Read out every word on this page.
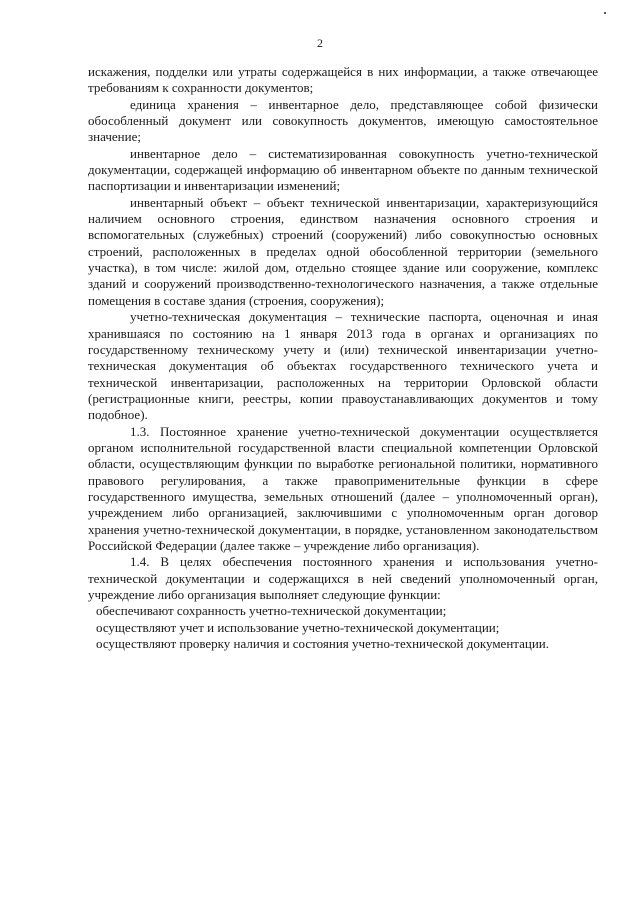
2

искажения, подделки или утраты содержащейся в них информации, а также отвечающее требованиям к сохранности документов;

единица хранения – инвентарное дело, представляющее собой физически обособленный документ или совокупность документов, имеющую самостоятельное значение;

инвентарное дело – систематизированная совокупность учетно-технической документации, содержащей информацию об инвентарном объекте по данным технической паспортизации и инвентаризации изменений;

инвентарный объект – объект технической инвентаризации, характеризующийся наличием основного строения, единством назначения основного строения и вспомогательных (служебных) строений (сооружений) либо совокупностью основных строений, расположенных в пределах одной обособленной территории (земельного участка), в том числе: жилой дом, отдельно стоящее здание или сооружение, комплекс зданий и сооружений производственно-технологического назначения, а также отдельные помещения в составе здания (строения, сооружения);

учетно-техническая документация – технические паспорта, оценочная и иная хранившаяся по состоянию на 1 января 2013 года в органах и организациях по государственному техническому учету и (или) технической инвентаризации учетно-техническая документация об объектах государственного технического учета и технической инвентаризации, расположенных на территории Орловской области (регистрационные книги, реестры, копии правоустанавливающих документов и тому подобное).

1.3. Постоянное хранение учетно-технической документации осуществляется органом исполнительной государственной власти специальной компетенции Орловской области, осуществляющим функции по выработке региональной политики, нормативного правового регулирования, а также правоприменительные функции в сфере государственного имущества, земельных отношений (далее – уполномоченный орган), учреждением либо организацией, заключившими с уполномоченным орган договор хранения учетно-технической документации, в порядке, установленном законодательством Российской Федерации (далее также – учреждение либо организация).

1.4. В целях обеспечения постоянного хранения и использования учетно-технической документации и содержащихся в ней сведений уполномоченный орган, учреждение либо организация выполняет следующие функции:

обеспечивают сохранность учетно-технической документации;

осуществляют учет и использование учетно-технической документации;

осуществляют проверку наличия и состояния учетно-технической документации.
